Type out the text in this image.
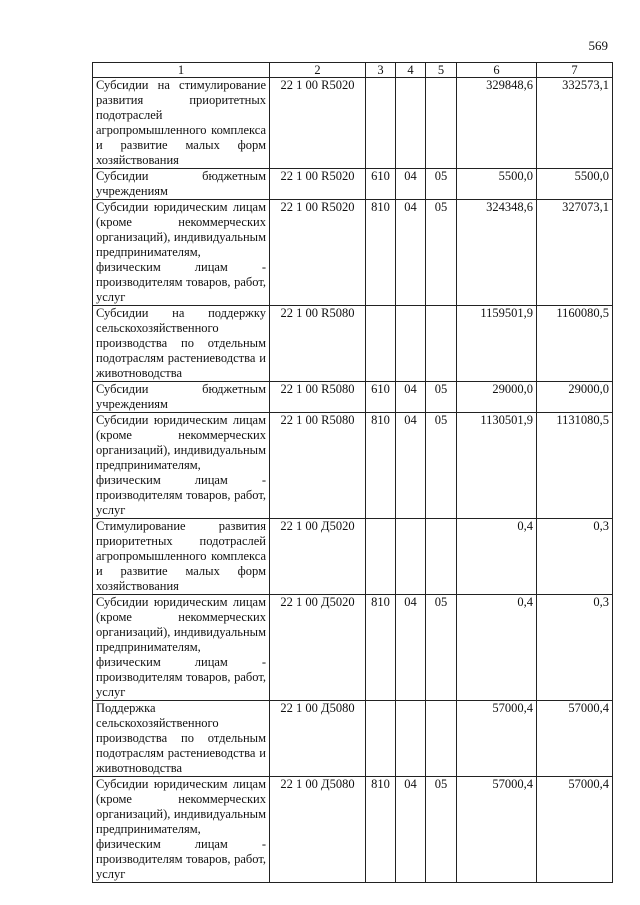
569
1	2	3	4	5	6	7
Субсидии на стимулирование развития приоритетных подотраслей агропромышленного комплекса и развитие малых форм хозяйствования	22 1 00 R5020				329848,6	332573,1
Субсидии бюджетным учреждениям	22 1 00 R5020	610	04	05	5500,0	5500,0
Субсидии юридическим лицам (кроме некоммерческих организаций), индивидуальным предпринимателям, физическим лицам - производителям товаров, работ, услуг	22 1 00 R5020	810	04	05	324348,6	327073,1
Субсидии на поддержку сельскохозяйственного производства по отдельным подотраслям растениеводства и животноводства	22 1 00 R5080				1159501,9	1160080,5
Субсидии бюджетным учреждениям	22 1 00 R5080	610	04	05	29000,0	29000,0
Субсидии юридическим лицам (кроме некоммерческих организаций), индивидуальным предпринимателям, физическим лицам - производителям товаров, работ, услуг	22 1 00 R5080	810	04	05	1130501,9	1131080,5
Стимулирование развития приоритетных подотраслей агропромышленного комплекса и развитие малых форм хозяйствования	22 1 00 Д5020				0,4	0,3
Субсидии юридическим лицам (кроме некоммерческих организаций), индивидуальным предпринимателям, физическим лицам - производителям товаров, работ, услуг	22 1 00 Д5020	810	04	05	0,4	0,3
Поддержка сельскохозяйственного производства по отдельным подотраслям растениеводства и животноводства	22 1 00 Д5080				57000,4	57000,4
Субсидии юридическим лицам (кроме некоммерческих организаций), индивидуальным предпринимателям, физическим лицам - производителям товаров, работ, услуг	22 1 00 Д5080	810	04	05	57000,4	57000,4
